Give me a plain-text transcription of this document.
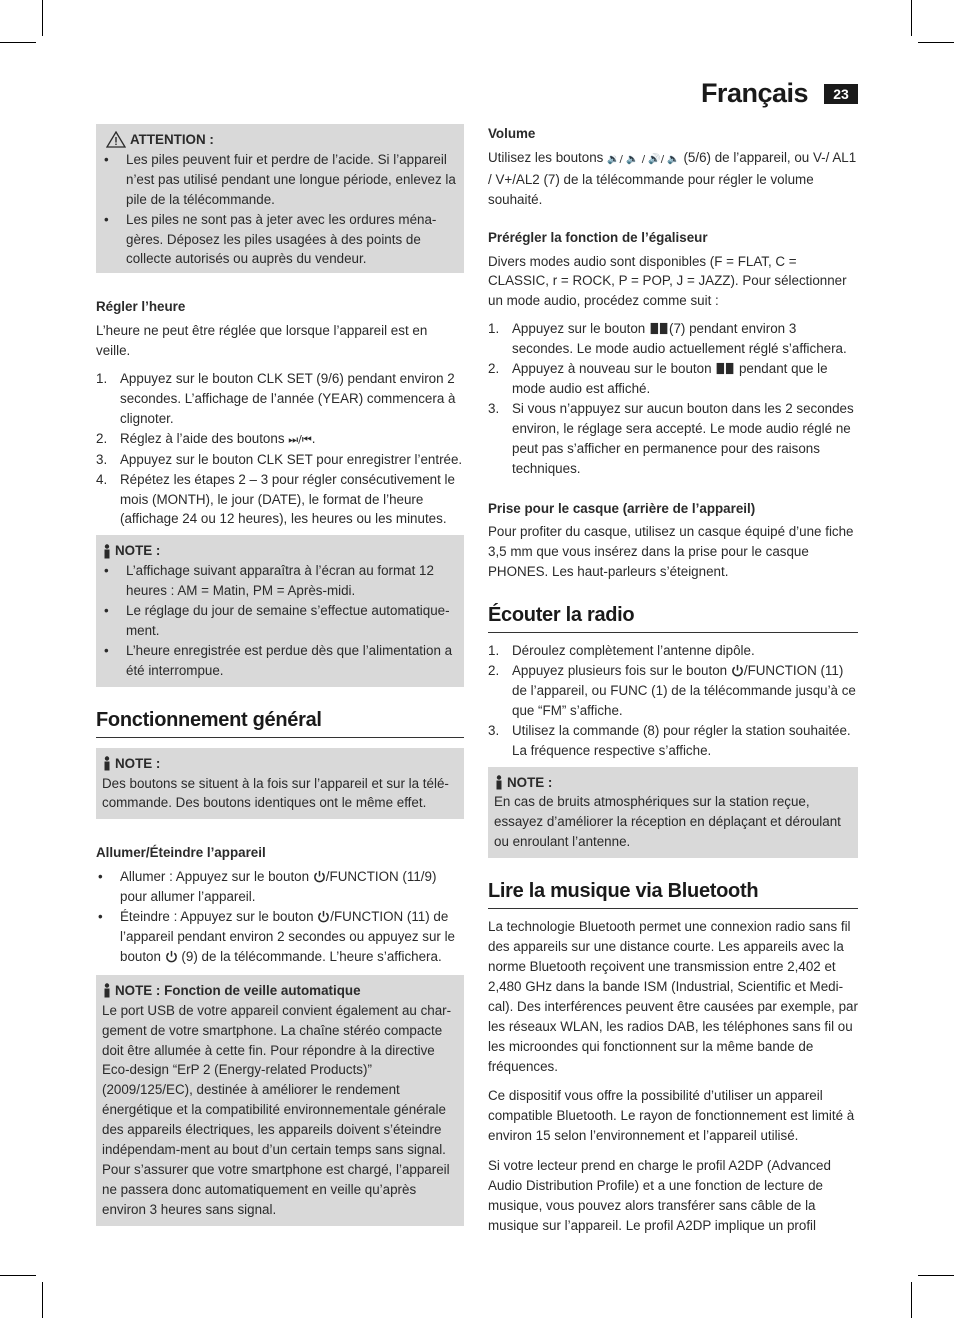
Français	23
ATTENTION :
• Les piles peuvent fuir et perdre de l’acide. Si l’appareil n’est pas utilisé pendant une longue période, enlevez la pile de la télécommande.
• Les piles ne sont pas à jeter avec les ordures ména-gères. Déposez les piles usagées à des points de collecte autorisés ou auprès du vendeur.

Régler l’heure

L’heure ne peut être réglée que lorsque l’appareil est en veille.

1. Appuyez sur le bouton CLK SET (9/6) pendant environ 2 secondes. L’affichage de l’année (YEAR) commencera à clignoter.
2. Réglez à l’aide des boutons ⏭/⏮.
3. Appuyez sur le bouton CLK SET pour enregistrer l’entrée.
4. Répétez les étapes 2 – 3 pour régler consécutivement le mois (MONTH), le jour (DATE), le format de l’heure (affichage 24 ou 12 heures), les heures ou les minutes.
NOTE :
• L’affichage suivant apparaîtra à l’écran au format 12 heures : AM = Matin, PM = Après-midi.
• Le réglage du jour de semaine s’effectue automatique-ment.
• L’heure enregistrée est perdue dès que l’alimentation a été interrompue.
Fonctionnement général
NOTE :

Des boutons se situent à la fois sur l’appareil et sur la télé-commande. Des boutons identiques ont le même effet.

Allumer/Éteindre l’appareil

• Allumer : Appuyez sur le bouton /FUNCTION (11/9) pour allumer l’appareil.
• Éteindre : Appuyez sur le bouton /FUNCTION (11) de l’appareil pendant environ 2 secondes ou appuyez sur le bouton  (9) de la télécommande. L’heure s’affichera.
NOTE : Fonction de veille automatique

Le port USB de votre appareil convient également au char-gement de votre smartphone. La chaîne stéréo compacte doit être allumée à cette fin. Pour répondre à la directive Eco-design “ErP 2 (Energy-related Products)” (2009/125/EC), destinée à améliorer le rendement énergétique et la compatibilité environnementale générale des appareils électriques, les appareils doivent s’éteindre indépendam-ment au bout d’un certain temps sans signal. Pour s’assurer que votre smartphone est chargé, l’appareil ne passera donc automatiquement en veille qu’après environ 3 heures sans signal.

Volume

Utilisez les boutons 🔉/ 🔈 / 🔊/ 🔈 (5/6) de l’appareil, ou V-/ AL1 / V+/AL2 (7) de la télécommande pour régler le volume souhaité.

Prérégler la fonction de l’égaliseur

Divers modes audio sont disponibles (F = FLAT, C = CLASSIC, r = ROCK, P = POP, J = JAZZ). Pour sélectionner un mode audio, procédez comme suit :

1. Appuyez sur le bouton (7) pendant environ 3 secondes. Le mode audio actuellement réglé s’affichera.
2. Appuyez à nouveau sur le bouton  pendant que le mode audio est affiché.
3. Si vous n’appuyez sur aucun bouton dans les 2 secondes environ, le réglage sera accepté. Le mode audio réglé ne peut pas s’afficher en permanence pour des raisons techniques.

Prise pour le casque (arrière de l’appareil)

Pour profiter du casque, utilisez un casque équipé d’une fiche 3,5 mm que vous insérez dans la prise pour le casque PHONES. Les haut-parleurs s’éteignent.

Écouter la radio
1. Déroulez complètement l’antenne dipôle.
2. Appuyez plusieurs fois sur le bouton /FUNCTION (11) de l’appareil, ou FUNC (1) de la télécommande jusqu’à ce que “FM” s’affiche.
3. Utilisez la commande (8) pour régler la station souhaitée. La fréquence respective s’affiche.
NOTE :

En cas de bruits atmosphériques sur la station reçue, essayez d’améliorer la réception en déplaçant et déroulant ou enroulant l’antenne.

Lire la musique via Bluetooth

La technologie Bluetooth permet une connexion radio sans fil des appareils sur une distance courte. Les appareils avec la norme Bluetooth reçoivent une transmission entre 2,402 et 2,480 GHz dans la bande ISM (Industrial, Scientific et Medi-cal). Des interférences peuvent être causées par exemple, par les réseaux WLAN, les radios DAB, les téléphones sans fil ou les microondes qui fonctionnent sur la même bande de fréquences.

Ce dispositif vous offre la possibilité d’utiliser un appareil compatible Bluetooth. Le rayon de fonctionnement est limité à environ 15 selon l’environnement et l’appareil utilisé.

Si votre lecteur prend en charge le profil A2DP (Advanced Audio Distribution Profile) et a une fonction de lecture de musique, vous pouvez alors transférer sans câble de la musique sur l’appareil. Le profil A2DP implique un profil
